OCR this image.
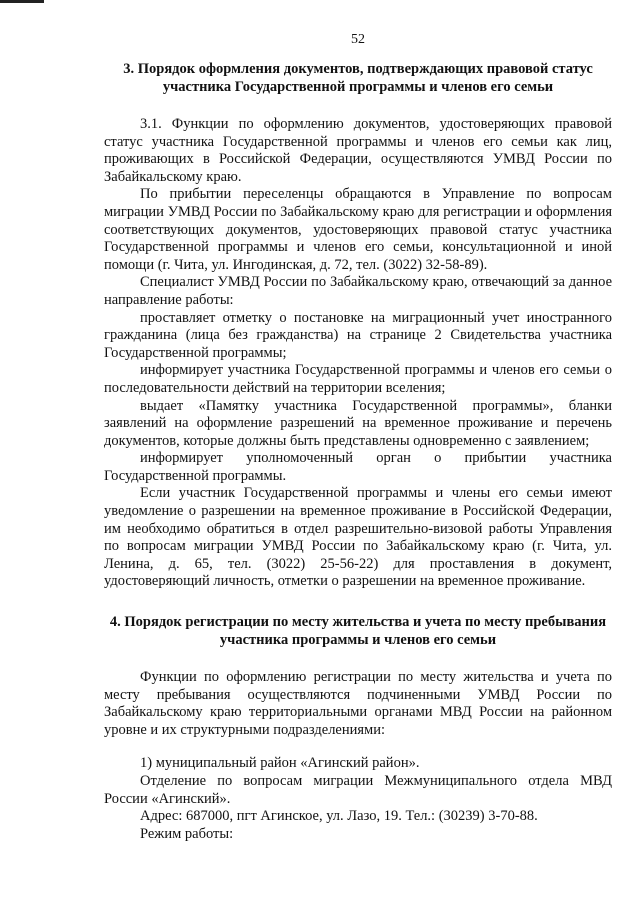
52
3. Порядок оформления документов, подтверждающих правовой статус участника Государственной программы и членов его семьи

3.1. Функции по оформлению документов, удостоверяющих правовой статус участника Государственной программы и членов его семьи как лиц, проживающих в Российской Федерации, осуществляются УМВД России по Забайкальскому краю.

По прибытии переселенцы обращаются в Управление по вопросам миграции УМВД России по Забайкальскому краю для регистрации и оформления соответствующих документов, удостоверяющих правовой статус участника Государственной программы и членов его семьи, консультационной и иной помощи (г. Чита, ул. Ингодинская, д. 72, тел. (3022) 32-58-89).

Специалист УМВД России по Забайкальскому краю, отвечающий за данное направление работы:

проставляет отметку о постановке на миграционный учет иностранного гражданина (лица без гражданства) на странице 2 Свидетельства участника Государственной программы;

информирует участника Государственной программы и членов его семьи о последовательности действий на территории вселения;

выдает «Памятку участника Государственной программы», бланки заявлений на оформление разрешений на временное проживание и перечень документов, которые должны быть представлены одновременно с заявлением;

информирует уполномоченный орган о прибытии участника Государственной программы.

Если участник Государственной программы и члены его семьи имеют уведомление о разрешении на временное проживание в Российской Федерации, им необходимо обратиться в отдел разрешительно-визовой работы Управления по вопросам миграции УМВД России по Забайкальскому краю (г. Чита, ул. Ленина, д. 65, тел. (3022) 25-56-22) для проставления в документ, удостоверяющий личность, отметки о разрешении на временное проживание.

4. Порядок регистрации по месту жительства и учета по месту пребывания участника программы и членов его семьи

Функции по оформлению регистрации по месту жительства и учета по месту пребывания осуществляются подчиненными УМВД России по Забайкальскому краю территориальными органами МВД России на районном уровне и их структурными подразделениями:

1) муниципальный район «Агинский район».

Отделение по вопросам миграции Межмуниципального отдела МВД России «Агинский».

Адрес: 687000, пгт Агинское, ул. Лазо, 19. Тел.: (30239) 3-70-88.

Режим работы:
